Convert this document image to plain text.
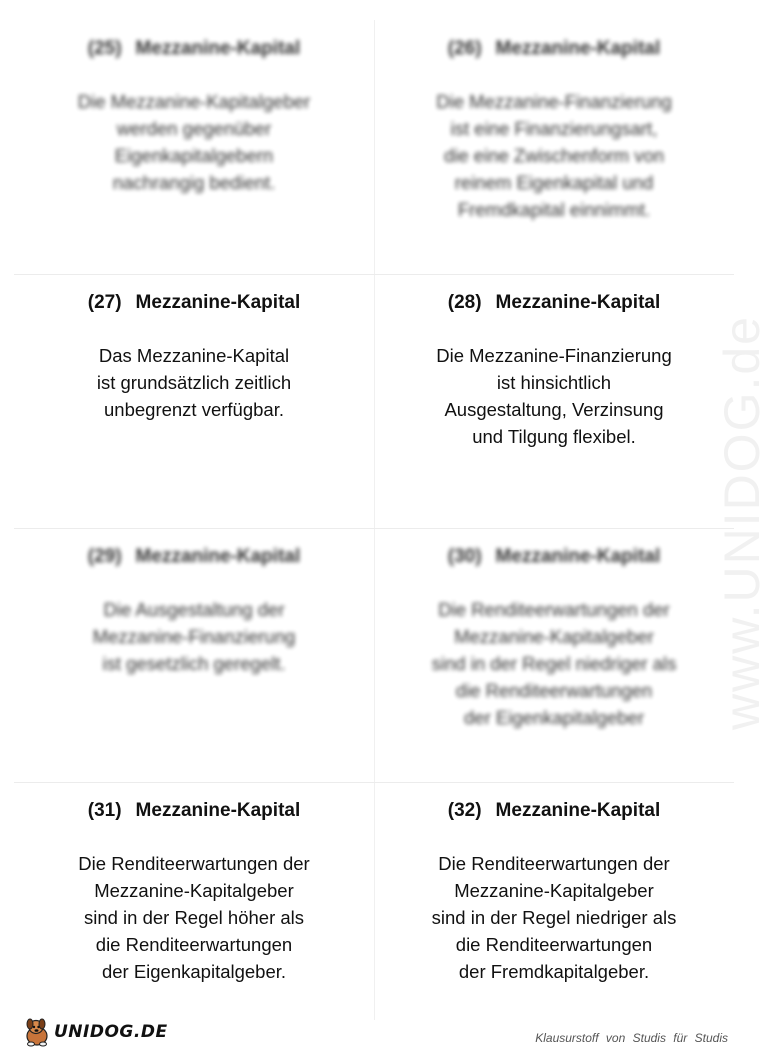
www.UNIDOG.de
(25) Mezzanine-Kapital
Die Mezzanine-Kapitalgeber
werden gegenüber
Eigenkapitalgebern
nachrangig bedient.
(26) Mezzanine-Kapital
Die Mezzanine-Finanzierung
ist eine Finanzierungsart,
die eine Zwischenform von
reinem Eigenkapital und
Fremdkapital einnimmt.
(27) Mezzanine-Kapital
Das Mezzanine-Kapital
ist grundsätzlich zeitlich
unbegrenzt verfügbar.
(28) Mezzanine-Kapital
Die Mezzanine-Finanzierung
ist hinsichtlich
Ausgestaltung, Verzinsung
und Tilgung flexibel.
(29) Mezzanine-Kapital
Die Ausgestaltung der
Mezzanine-Finanzierung
ist gesetzlich geregelt.
(30) Mezzanine-Kapital
Die Renditeerwartungen der
Mezzanine-Kapitalgeber
sind in der Regel niedriger als
die Renditeerwartungen
der Eigenkapitalgeber
(31) Mezzanine-Kapital
Die Renditeerwartungen der
Mezzanine-Kapitalgeber
sind in der Regel höher als
die Renditeerwartungen
der Eigenkapitalgeber.
(32) Mezzanine-Kapital
Die Renditeerwartungen der
Mezzanine-Kapitalgeber
sind in der Regel niedriger als
die Renditeerwartungen
der Fremdkapitalgeber.
UNIDOG.DE	Klausurstoff von Studis für Studis
